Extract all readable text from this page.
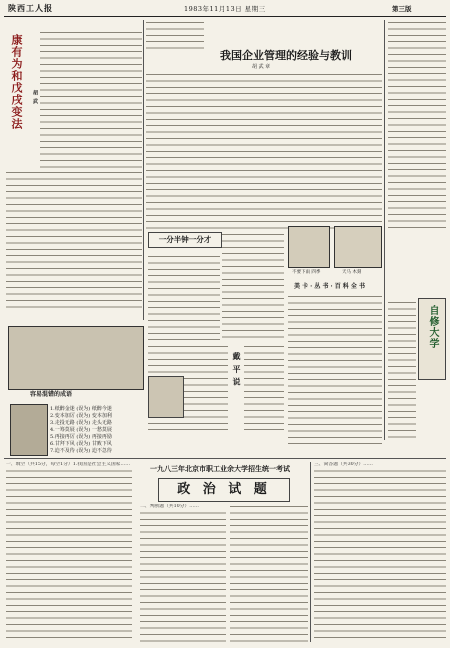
陕西工人报	1983年11月13日 星期三	第三版
康有为和戊戌变法 胡 武
容易混错的成语
1.纸醉金迷 (误为) 纸醉今迷
2.变本加厉 (误为) 变本加利
3.走投无路 (误为) 走头无路
4.一筹莫展 (误为) 一愁莫展
5.再接再厉 (误为) 再接再励
6.甘拜下风 (误为) 甘败下风
7.迫不及待 (误为) 迫不急待
我国企业管理的经验与教训
胡 武 章
一分半钟一分才
不要下雨 四季	天马 木刻
美 卡 · 丛 书 · 百 科 全 书
戴 平 说
自修大学
一、填空（共15分，每空1分）1.我国是社会主义国家……	一九八三年北京市职工业余大学招生统一考试
政 治 试 题
二、判断题（共10分）……
三、简答题（共30分）……
